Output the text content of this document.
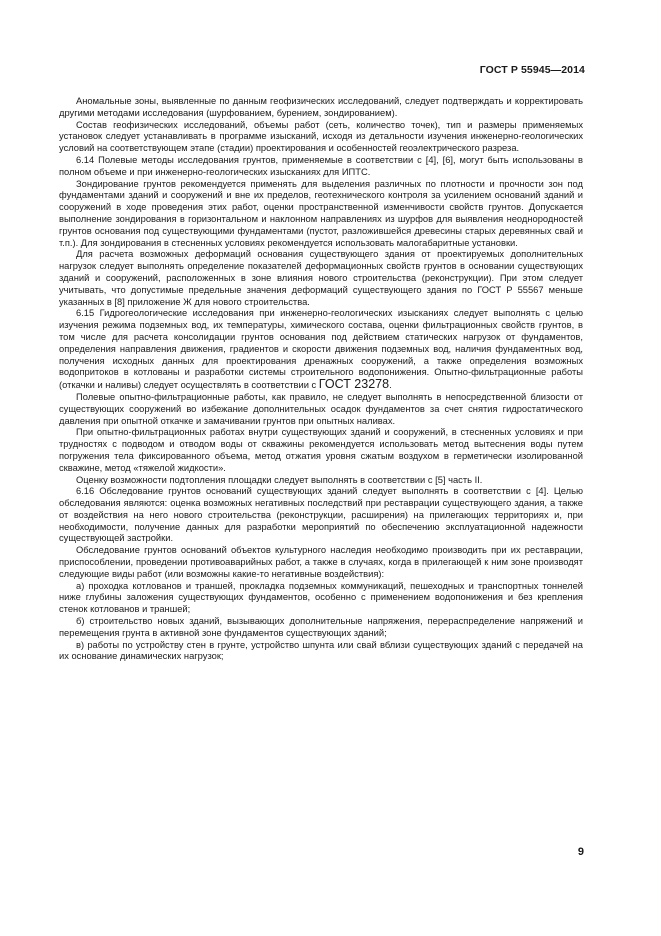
ГОСТ Р 55945—2014

Аномальные зоны, выявленные по данным геофизических исследований, следует подтверждать и корректировать другими методами исследования (шурфованием, бурением, зондированием).

Состав геофизических исследований, объемы работ (сеть, количество точек), тип и размеры применяемых установок следует устанавливать в программе изысканий, исходя из детальности изучения инженерно-геологических условий на соответствующем этапе (стадии) проектирования и особенностей геоэлектрического разреза.

6.14 Полевые методы исследования грунтов, применяемые в соответствии с [4], [6], могут быть использованы в полном объеме и при инженерно-геологических изысканиях для ИПТС.

Зондирование грунтов рекомендуется применять для выделения различных по плотности и прочности зон под фундаментами зданий и сооружений и вне их пределов, геотехнического контроля за усилением оснований зданий и сооружений в ходе проведения этих работ, оценки пространственной изменчивости свойств грунтов. Допускается выполнение зондирования в горизонтальном и наклонном направлениях из шурфов для выявления неоднородностей грунтов основания под существующими фундаментами (пустот, разложившейся древесины старых деревянных свай и т.п.). Для зондирования в стесненных условиях рекомендуется использовать малогабаритные установки.

Для расчета возможных деформаций основания существующего здания от проектируемых дополнительных нагрузок следует выполнять определение показателей деформационных свойств грунтов в основании существующих зданий и сооружений, расположенных в зоне влияния нового строительства (реконструкции). При этом следует учитывать, что допустимые предельные значения деформаций существующего здания по ГОСТ Р 55567 меньше указанных в [8] приложение Ж для нового строительства.

6.15 Гидрогеологические исследования при инженерно-геологических изысканиях следует выполнять с целью изучения режима подземных вод, их температуры, химического состава, оценки фильтрационных свойств грунтов, в том числе для расчета консолидации грунтов основания под действием статических нагрузок от фундаментов, определения направления движения, градиентов и скорости движения подземных вод, наличия фундаментных вод, получения исходных данных для проектирования дренажных сооружений, а также определения возможных водопритоков в котлованы и разработки системы строительного водопонижения. Опытно-фильтрационные работы (откачки и наливы) следует осуществлять в соответствии с ГОСТ 23278.

Полевые опытно-фильтрационные работы, как правило, не следует выполнять в непосредственной близости от существующих сооружений во избежание дополнительных осадок фундаментов за счет снятия гидростатического давления при опытной откачке и замачивании грунтов при опытных наливах.

При опытно-фильтрационных работах внутри существующих зданий и сооружений, в стесненных условиях и при трудностях с подводом и отводом воды от скважины рекомендуется использовать метод вытеснения воды путем погружения тела фиксированного объема, метод отжатия уровня сжатым воздухом в герметически изолированной скважине, метод «тяжелой жидкости».

Оценку возможности подтопления площадки следует выполнять в соответствии с [5] часть II.

6.16 Обследование грунтов оснований существующих зданий следует выполнять в соответствии с [4]. Целью обследования являются: оценка возможных негативных последствий при реставрации существующего здания, а также от воздействия на него нового строительства (реконструкции, расширения) на прилегающих территориях и, при необходимости, получение данных для разработки мероприятий по обеспечению эксплуатационной надежности существующей застройки.

Обследование грунтов оснований объектов культурного наследия необходимо производить при их реставрации, приспособлении, проведении противоаварийных работ, а также в случаях, когда в прилегающей к ним зоне производят следующие виды работ (или возможны какие-то негативные воздействия):

а) проходка котлованов и траншей, прокладка подземных коммуникаций, пешеходных и транспортных тоннелей ниже глубины заложения существующих фундаментов, особенно с применением водопонижения и без крепления стенок котлованов и траншей;

б) строительство новых зданий, вызывающих дополнительные напряжения, перераспределение напряжений и перемещения грунта в активной зоне фундаментов существующих зданий;

в) работы по устройству стен в грунте, устройство шпунта или свай вблизи существующих зданий с передачей на их основание динамических нагрузок;

9
